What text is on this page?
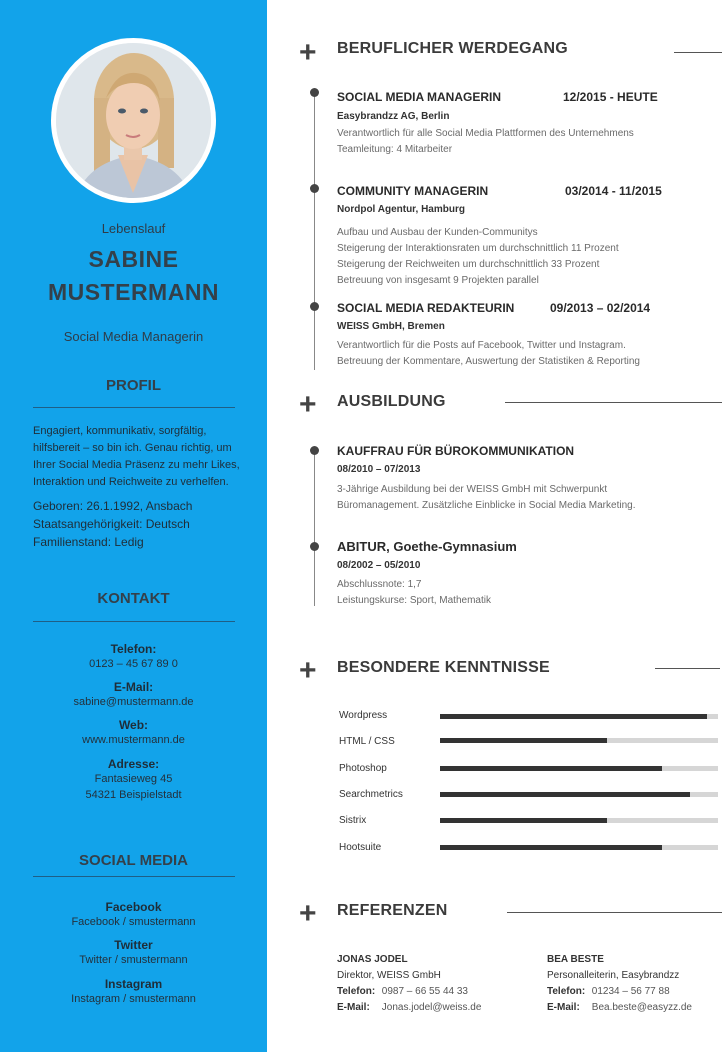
Lebenslauf
SABINE
MUSTERMANN
Social Media Managerin
PROFIL
Engagiert, kommunikativ, sorgfältig, hilfsbereit – so bin ich. Genau richtig, um Ihrer Social Media Präsenz zu mehr Likes, Interaktion und Reichweite zu verhelfen.
Geboren: 26.1.1992, Ansbach
Staatsangehörigkeit: Deutsch
Familienstand: Ledig
KONTAKT
Telefon:
0123 – 45 67 89 0
E-Mail:
sabine@mustermann.de
Web:
www.mustermann.de
Adresse:
Fantasieweg 45
54321 Beispielstadt
SOCIAL MEDIA
Facebook
Facebook / smustermann
Twitter
Twitter / smustermann
Instagram
Instagram / smustermann
+ BERUFLICHER WERDEGANG
SOCIAL MEDIA MANAGERIN	12/2015 - HEUTE
Easybrandzz AG, Berlin
Verantwortlich für alle Social Media Plattformen des Unternehmens
Teamleitung: 4 Mitarbeiter
COMMUNITY MANAGERIN	03/2014 - 11/2015
Nordpol Agentur, Hamburg
Aufbau und Ausbau der Kunden-Communitys
Steigerung der Interaktionsraten um durchschnittlich 11 Prozent
Steigerung der Reichweiten um durchschnittlich 33 Prozent
Betreuung von insgesamt 9 Projekten parallel
SOCIAL MEDIA REDAKTEURIN	09/2013 – 02/2014
WEISS GmbH, Bremen
Verantwortlich für die Posts auf Facebook, Twitter und Instagram.
Betreuung der Kommentare, Auswertung der Statistiken & Reporting
+ AUSBILDUNG
KAUFFRAU FÜR BÜROKOMMUNIKATION
08/2010 – 07/2013
3-Jährige Ausbildung bei der WEISS GmbH mit Schwerpunkt
Büromanagement. Zusätzliche Einblicke in Social Media Marketing.
ABITUR, Goethe-Gymnasium
08/2002 – 05/2010
Abschlussnote: 1,7
Leistungskurse: Sport, Mathematik
+ BESONDERE KENNTNISSE
Wordpress
HTML / CSS
Photoshop
Searchmetrics
Sistrix
Hootsuite
+ REFERENZEN
JONAS JODEL
Direktor, WEISS GmbH
Telefon: 0987 – 66 55 44 33
E-Mail: Jonas.jodel@weiss.de
BEA BESTE
Personalleiterin, Easybrandzz
Telefon: 01234 – 56 77 88
E-Mail: Bea.beste@easyzz.de
